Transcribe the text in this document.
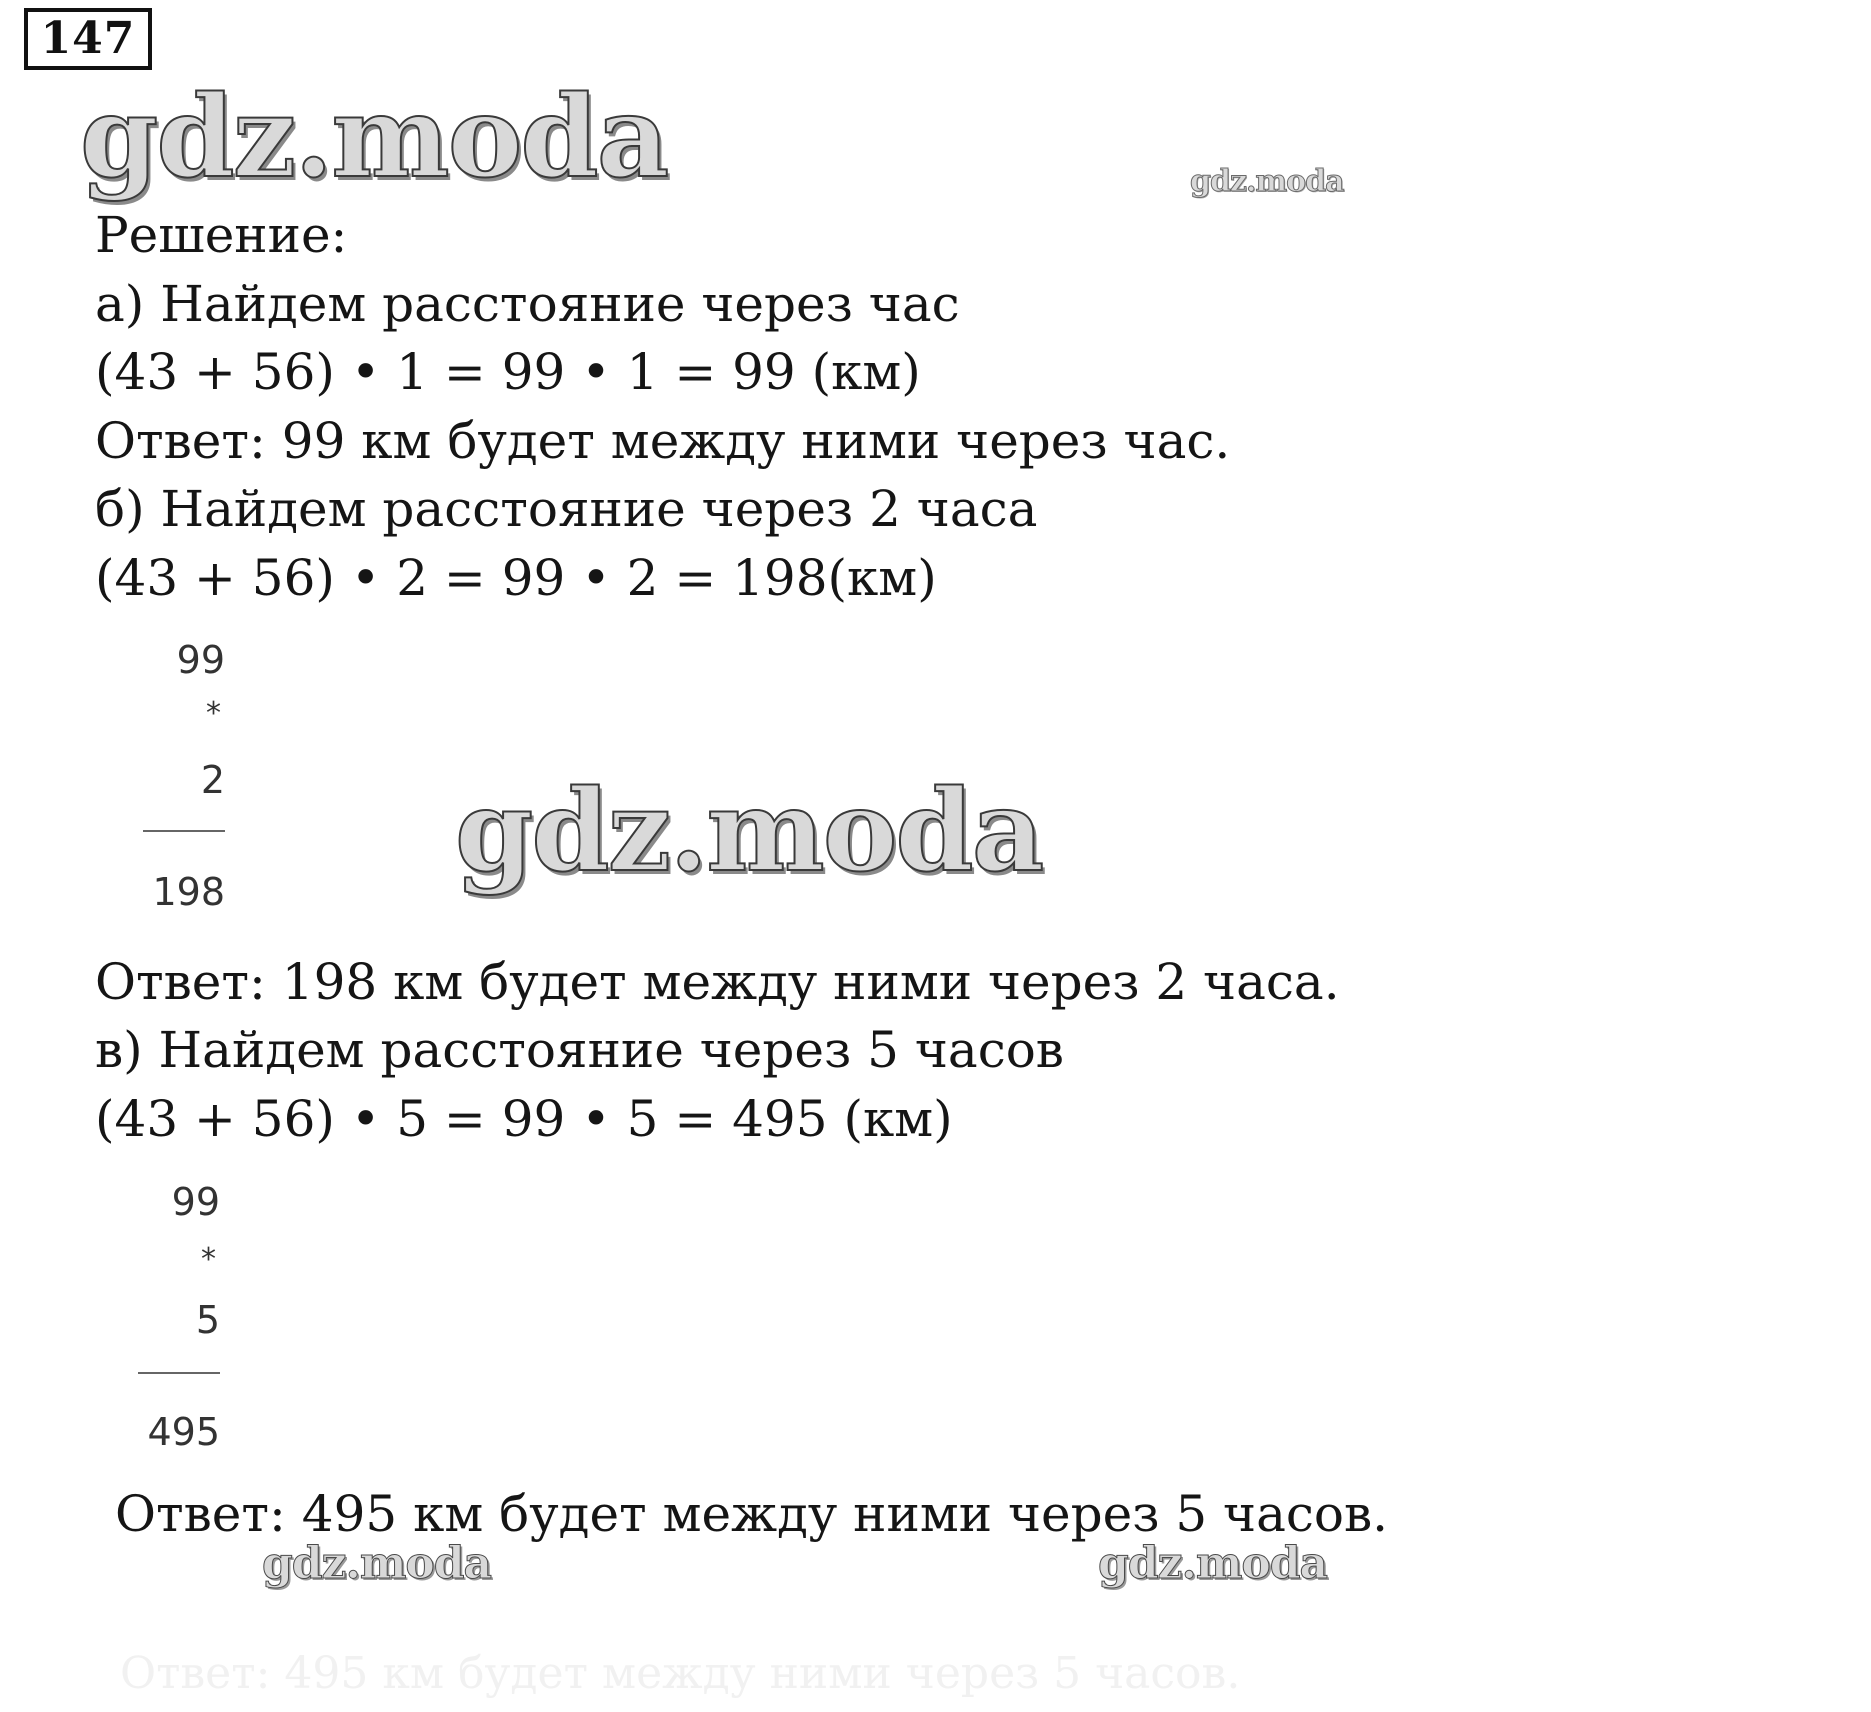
147
gdz.moda	gdz.moda
gdz.moda
gdz.moda	gdz.moda
Решение:
а) Найдем расстояние через час
(43 + 56) • 1 = 99 • 1 = 99 (км)
Ответ: 99 км будет между ними через час.
б) Найдем расстояние через 2 часа
(43 + 56) • 2 = 99 • 2 = 198(км)
99
*
2
198
Ответ: 198 км будет между ними через 2 часа.
в) Найдем расстояние через 5 часов
(43 + 56) • 5 = 99 • 5 = 495 (км)
99
*
5
495
Ответ: 495 км будет между ними через 5 часов.
Ответ: 495 км будет между ними через 5 часов.
